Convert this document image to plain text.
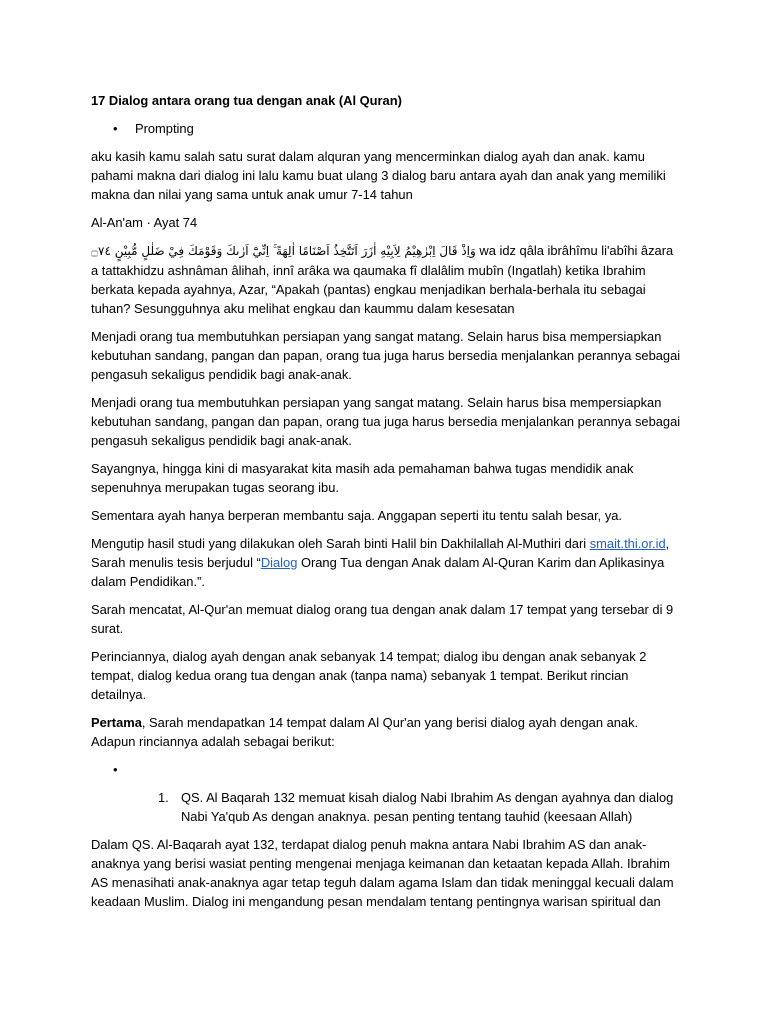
17 Dialog antara orang tua dengan anak (Al Quran)
• Prompting

aku kasih kamu salah satu surat dalam alquran yang mencerminkan dialog ayah dan anak. kamu pahami makna dari dialog ini lalu kamu buat ulang 3 dialog baru antara ayah dan anak yang memiliki makna dan nilai yang sama untuk anak umur 7-14 tahun

Al-An'am · Ayat 74

وَاِذْ قَالَ اِبْرٰهِيْمُ لِاَبِيْهِ اٰزَرَ اَتَتَّخِذُ اَصْنَامًا اٰلِهَةً ۚ اِنِّيْٓ اَرٰىكَ وَقَوْمَكَ فِيْ ضَلٰلٍ مُّبِيْنٍ ۝٧٤ wa idz qâla ibrâhîmu li'abîhi âzara a tattakhidzu ashnâman âlihah, innî arâka wa qaumaka fî dlalâlim mubîn (Ingatlah) ketika Ibrahim berkata kepada ayahnya, Azar, “Apakah (pantas) engkau menjadikan berhala-berhala itu sebagai tuhan? Sesungguhnya aku melihat engkau dan kaummu dalam kesesatan

Menjadi orang tua membutuhkan persiapan yang sangat matang. Selain harus bisa mempersiapkan kebutuhan sandang, pangan dan papan, orang tua juga harus bersedia menjalankan perannya sebagai pengasuh sekaligus pendidik bagi anak-anak.

Menjadi orang tua membutuhkan persiapan yang sangat matang. Selain harus bisa mempersiapkan kebutuhan sandang, pangan dan papan, orang tua juga harus bersedia menjalankan perannya sebagai pengasuh sekaligus pendidik bagi anak-anak.

Sayangnya, hingga kini di masyarakat kita masih ada pemahaman bahwa tugas mendidik anak sepenuhnya merupakan tugas seorang ibu.

Sementara ayah hanya berperan membantu saja. Anggapan seperti itu tentu salah besar, ya.

Mengutip hasil studi yang dilakukan oleh Sarah binti Halil bin Dakhilallah Al-Muthiri dari smait.thi.or.id, Sarah menulis tesis berjudul “Dialog Orang Tua dengan Anak dalam Al-Quran Karim dan Aplikasinya dalam Pendidikan.”.

Sarah mencatat, Al-Qur'an memuat dialog orang tua dengan anak dalam 17 tempat yang tersebar di 9 surat.

Perinciannya, dialog ayah dengan anak sebanyak 14 tempat; dialog ibu dengan anak sebanyak 2 tempat, dialog kedua orang tua dengan anak (tanpa nama) sebanyak 1 tempat. Berikut rincian detailnya.

Pertama, Sarah mendapatkan 14 tempat dalam Al Qur'an yang berisi dialog ayah dengan anak. Adapun rinciannya adalah sebagai berikut:

•
1. QS. Al Baqarah 132 memuat kisah dialog Nabi Ibrahim As dengan ayahnya dan dialog Nabi Ya'qub As dengan anaknya. pesan penting tentang tauhid (keesaan Allah)

Dalam QS. Al-Baqarah ayat 132, terdapat dialog penuh makna antara Nabi Ibrahim AS dan anak-anaknya yang berisi wasiat penting mengenai menjaga keimanan dan ketaatan kepada Allah. Ibrahim AS menasihati anak-anaknya agar tetap teguh dalam agama Islam dan tidak meninggal kecuali dalam keadaan Muslim. Dialog ini mengandung pesan mendalam tentang pentingnya warisan spiritual dan
